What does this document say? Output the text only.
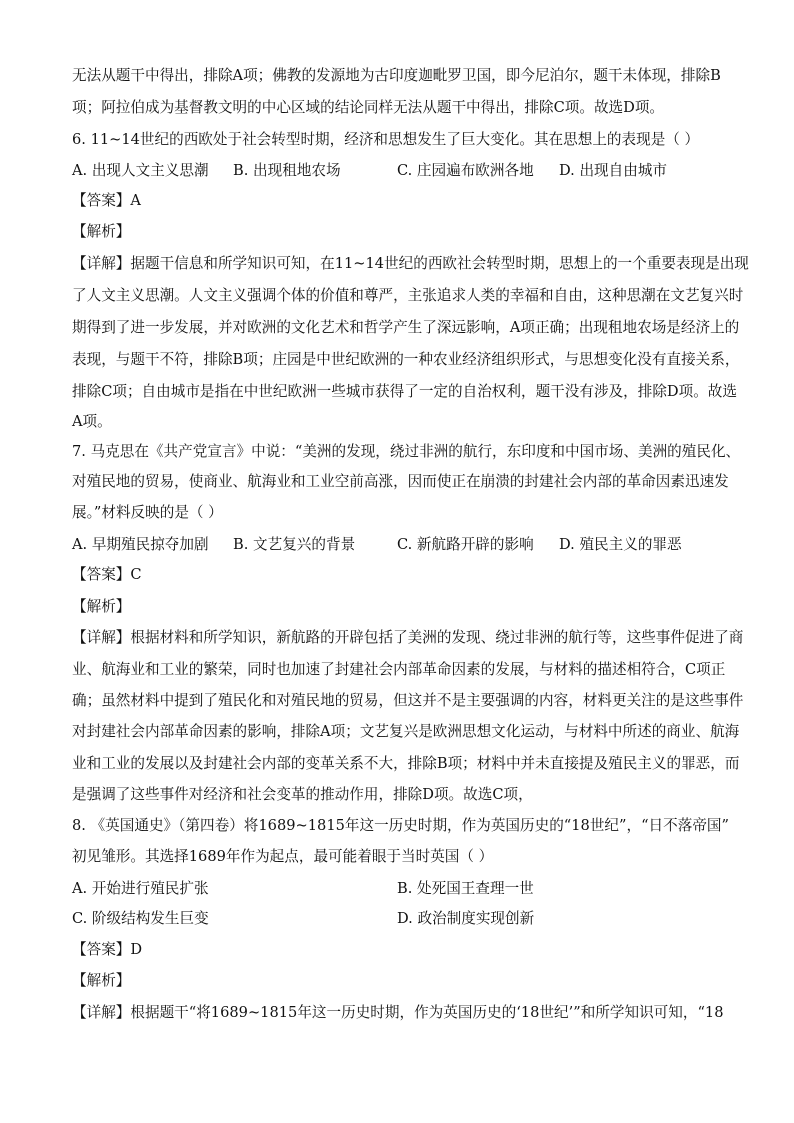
无法从题干中得出，排除A项；佛教的发源地为古印度迦毗罗卫国，即今尼泊尔，题干未体现，排除B
项；阿拉伯成为基督教文明的中心区域的结论同样无法从题干中得出，排除C项。故选D项。
6. 11~14世纪的西欧处于社会转型时期，经济和思想发生了巨大变化。其在思想上的表现是（ ）
A. 出现人文主义思潮 B. 出现租地农场	C. 庄园遍布欧洲各地 D. 出现自由城市
【答案】A
【解析】
【详解】据题干信息和所学知识可知，在11~14世纪的西欧社会转型时期，思想上的一个重要表现是出现
了人文主义思潮。人文主义强调个体的价值和尊严，主张追求人类的幸福和自由，这种思潮在文艺复兴时
期得到了进一步发展，并对欧洲的文化艺术和哲学产生了深远影响，A项正确；出现租地农场是经济上的
表现，与题干不符，排除B项；庄园是中世纪欧洲的一种农业经济组织形式，与思想变化没有直接关系，
排除C项；自由城市是指在中世纪欧洲一些城市获得了一定的自治权利，题干没有涉及，排除D项。故选
A项。
7. 马克思在《共产党宣言》中说：“美洲的发现，绕过非洲的航行，东印度和中国市场、美洲的殖民化、
对殖民地的贸易，使商业、航海业和工业空前高涨，因而使正在崩溃的封建社会内部的革命因素迅速发
展。”材料反映的是（ ）
A. 早期殖民掠夺加剧 B. 文艺复兴的背景	C. 新航路开辟的影响 D. 殖民主义的罪恶
【答案】C
【解析】
【详解】根据材料和所学知识，新航路的开辟包括了美洲的发现、绕过非洲的航行等，这些事件促进了商
业、航海业和工业的繁荣，同时也加速了封建社会内部革命因素的发展，与材料的描述相符合，C项正
确；虽然材料中提到了殖民化和对殖民地的贸易，但这并不是主要强调的内容，材料更关注的是这些事件
对封建社会内部革命因素的影响，排除A项；文艺复兴是欧洲思想文化运动，与材料中所述的商业、航海
业和工业的发展以及封建社会内部的变革关系不大，排除B项；材料中并未直接提及殖民主义的罪恶，而
是强调了这些事件对经济和社会变革的推动作用，排除D项。故选C项，
8. 《英国通史》（第四卷）将1689~1815年这一历史时期，作为英国历史的“18世纪”，“日不落帝国”
初见雏形。其选择1689年作为起点，最可能着眼于当时英国（ ）
A. 开始进行殖民扩张	B. 处死国王查理一世
C. 阶级结构发生巨变	D. 政治制度实现创新
【答案】D
【解析】
【详解】根据题干“将1689~1815年这一历史时期，作为英国历史的‘18世纪’”和所学知识可知，“18
